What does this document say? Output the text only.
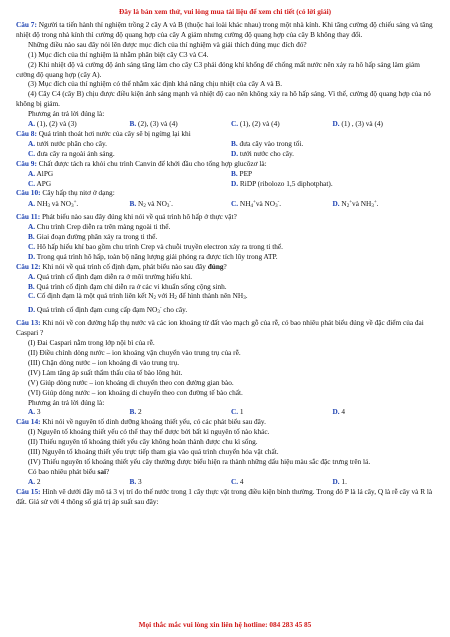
Đây là bản xem thử, vui lòng mua tài liệu để xem chi tiết (có lời giải)

Câu 7: Người ta tiến hành thí nghiệm trồng 2 cây A và B (thuộc hai loài khác nhau) trong một nhà kính. Khi tăng cường độ chiếu sáng và tăng nhiệt độ trong nhà kính thì cường độ quang hợp của cây A giảm nhưng cường độ quang hợp của cây B không thay đổi.

Những điều nào sau đây nói lên được mục đích của thí nghiệm và giải thích đúng mục đích đó?

(1) Mục đích của thí nghiệm là nhằm phân biệt cây C3 và C4.

(2) Khi nhiệt độ và cường độ ánh sáng tăng làm cho cây C3 phải đóng khí khổng để chống mất nước nên xảy ra hô hấp sáng làm giảm cường độ quang hợp (cây A).

(3) Mục đích của thí nghiệm có thể nhằm xác định khả năng chịu nhiệt của cây A và B.

(4) Cây C4 (cây B) chịu được điều kiện ánh sáng mạnh và nhiệt độ cao nên không xảy ra hô hấp sáng. Vì thế, cường độ quang hợp của nó không bị giảm.

Phương án trả lời đúng là:

A. (1), (2) và (3)	B. (2), (3) và (4)	C. (1), (2) và (4)	D. (1) , (3) và (4)

Câu 8: Quá trình thoát hơi nước của cây sẽ bị ngừng lại khi

A. tưới nước phân cho cây.	B. đưa cây vào trong tối.
C. đưa cây ra ngoài ánh sáng.	D. tưới nước cho cây.

Câu 9: Chất được tách ra khỏi chu trình Canvin để khởi đầu cho tổng hợp glucôzơ là:

A. AlPG	B. PEP
C. APG	D. RiDP (ribolozo 1,5 diphotphat).

Câu 10: Cây hấp thụ nitơ ở dạng:

A. $NH_3$ và $NO_3^+$.	B. $N_2$ và $NO_3^-$.	C. $NH_4^+và$ $NO_3^-$.	D. $N_2^+và$ $NH_3^+$.

Câu 11: Phát biểu nào sau đây đúng khi nói về quá trình hô hấp ở thực vật?

A. Chu trình Crep diễn ra trên màng ngoài ti thể.

B. Giai đoạn đường phân xảy ra trong ti thể.

C. Hô hấp hiếu khí bao gồm chu trình Crep và chuỗi truyền electron xảy ra trong ti thể.

D. Trong quá trình hô hấp, toàn bộ năng lượng giải phóng ra được tích lũy trong ATP.

Câu 12: Khi nói về quá trình cố định đạm, phát biểu nào sau đây đúng?

A. Quá trình cố định đạm diễn ra ở môi trường hiếu khí.

B. Quá trình cố định đạm chỉ diễn ra ở các vi khuẩn sống cộng sinh.

C. Cố định đạm là một quá trình liên kết $N_2$ với $H_2$ để hình thành nên $NH_3$.

D. Quá trình cố định đạm cung cấp đạm $NO_3^-$ cho cây.

Câu 13: Khi nói về con đường hấp thụ nước và các ion khoáng từ đất vào mạch gỗ của rễ, có bao nhiêu phát biểu đúng về đặc điểm của đai Caspari ?

(I) Đai Caspari nằm trong lớp nội bì của rễ.

(II) Điều chỉnh dòng nước – ion khoáng vận chuyển vào trung trụ của rễ.

(III) Chặn dòng nước – ion khoáng đi vào trung trụ.

(IV) Làm tăng áp suất thẩm thấu của tế bào lông hút.

(V) Giúp dòng nước – ion khoáng di chuyển theo con đường gian bào.

(VI) Giúp dòng nước – ion khoáng di chuyển theo con đường tế bào chất.

Phương án trả lời đúng là:

A. 3	B. 2	C. 1	D. 4

Câu 14: Khi nói về nguyên tố dinh dưỡng khoáng thiết yếu, có các phát biểu sau đây.

(I) Nguyên tố khoáng thiết yếu có thể thay thế được bởi bất kì nguyên tố nào khác.

(II) Thiếu nguyên tố khoáng thiết yếu cây không hoàn thành được chu kì sống.

(III) Nguyên tố khoáng thiết yếu trực tiếp tham gia vào quá trình chuyển hóa vật chất.

(IV) Thiếu nguyên tố khoáng thiết yếu cây thường được biểu hiện ra thành những dấu hiệu màu sắc đặc trưng trên lá.

Có bao nhiêu phát biểu sai?

A. 2	B. 3	C. 4	D. 1.

Câu 15: Hình vẽ dưới đây mô tả 3 vị trí đo thế nước trong 1 cây thực vật trong điều kiện bình thường. Trong đó P là lá cây, Q là rễ cây và R là đất. Giả sử với 4 thông số giá trị áp suất sau đây:

Mọi thắc mắc vui lòng xin liên hệ hotline: 084 283 45 85
